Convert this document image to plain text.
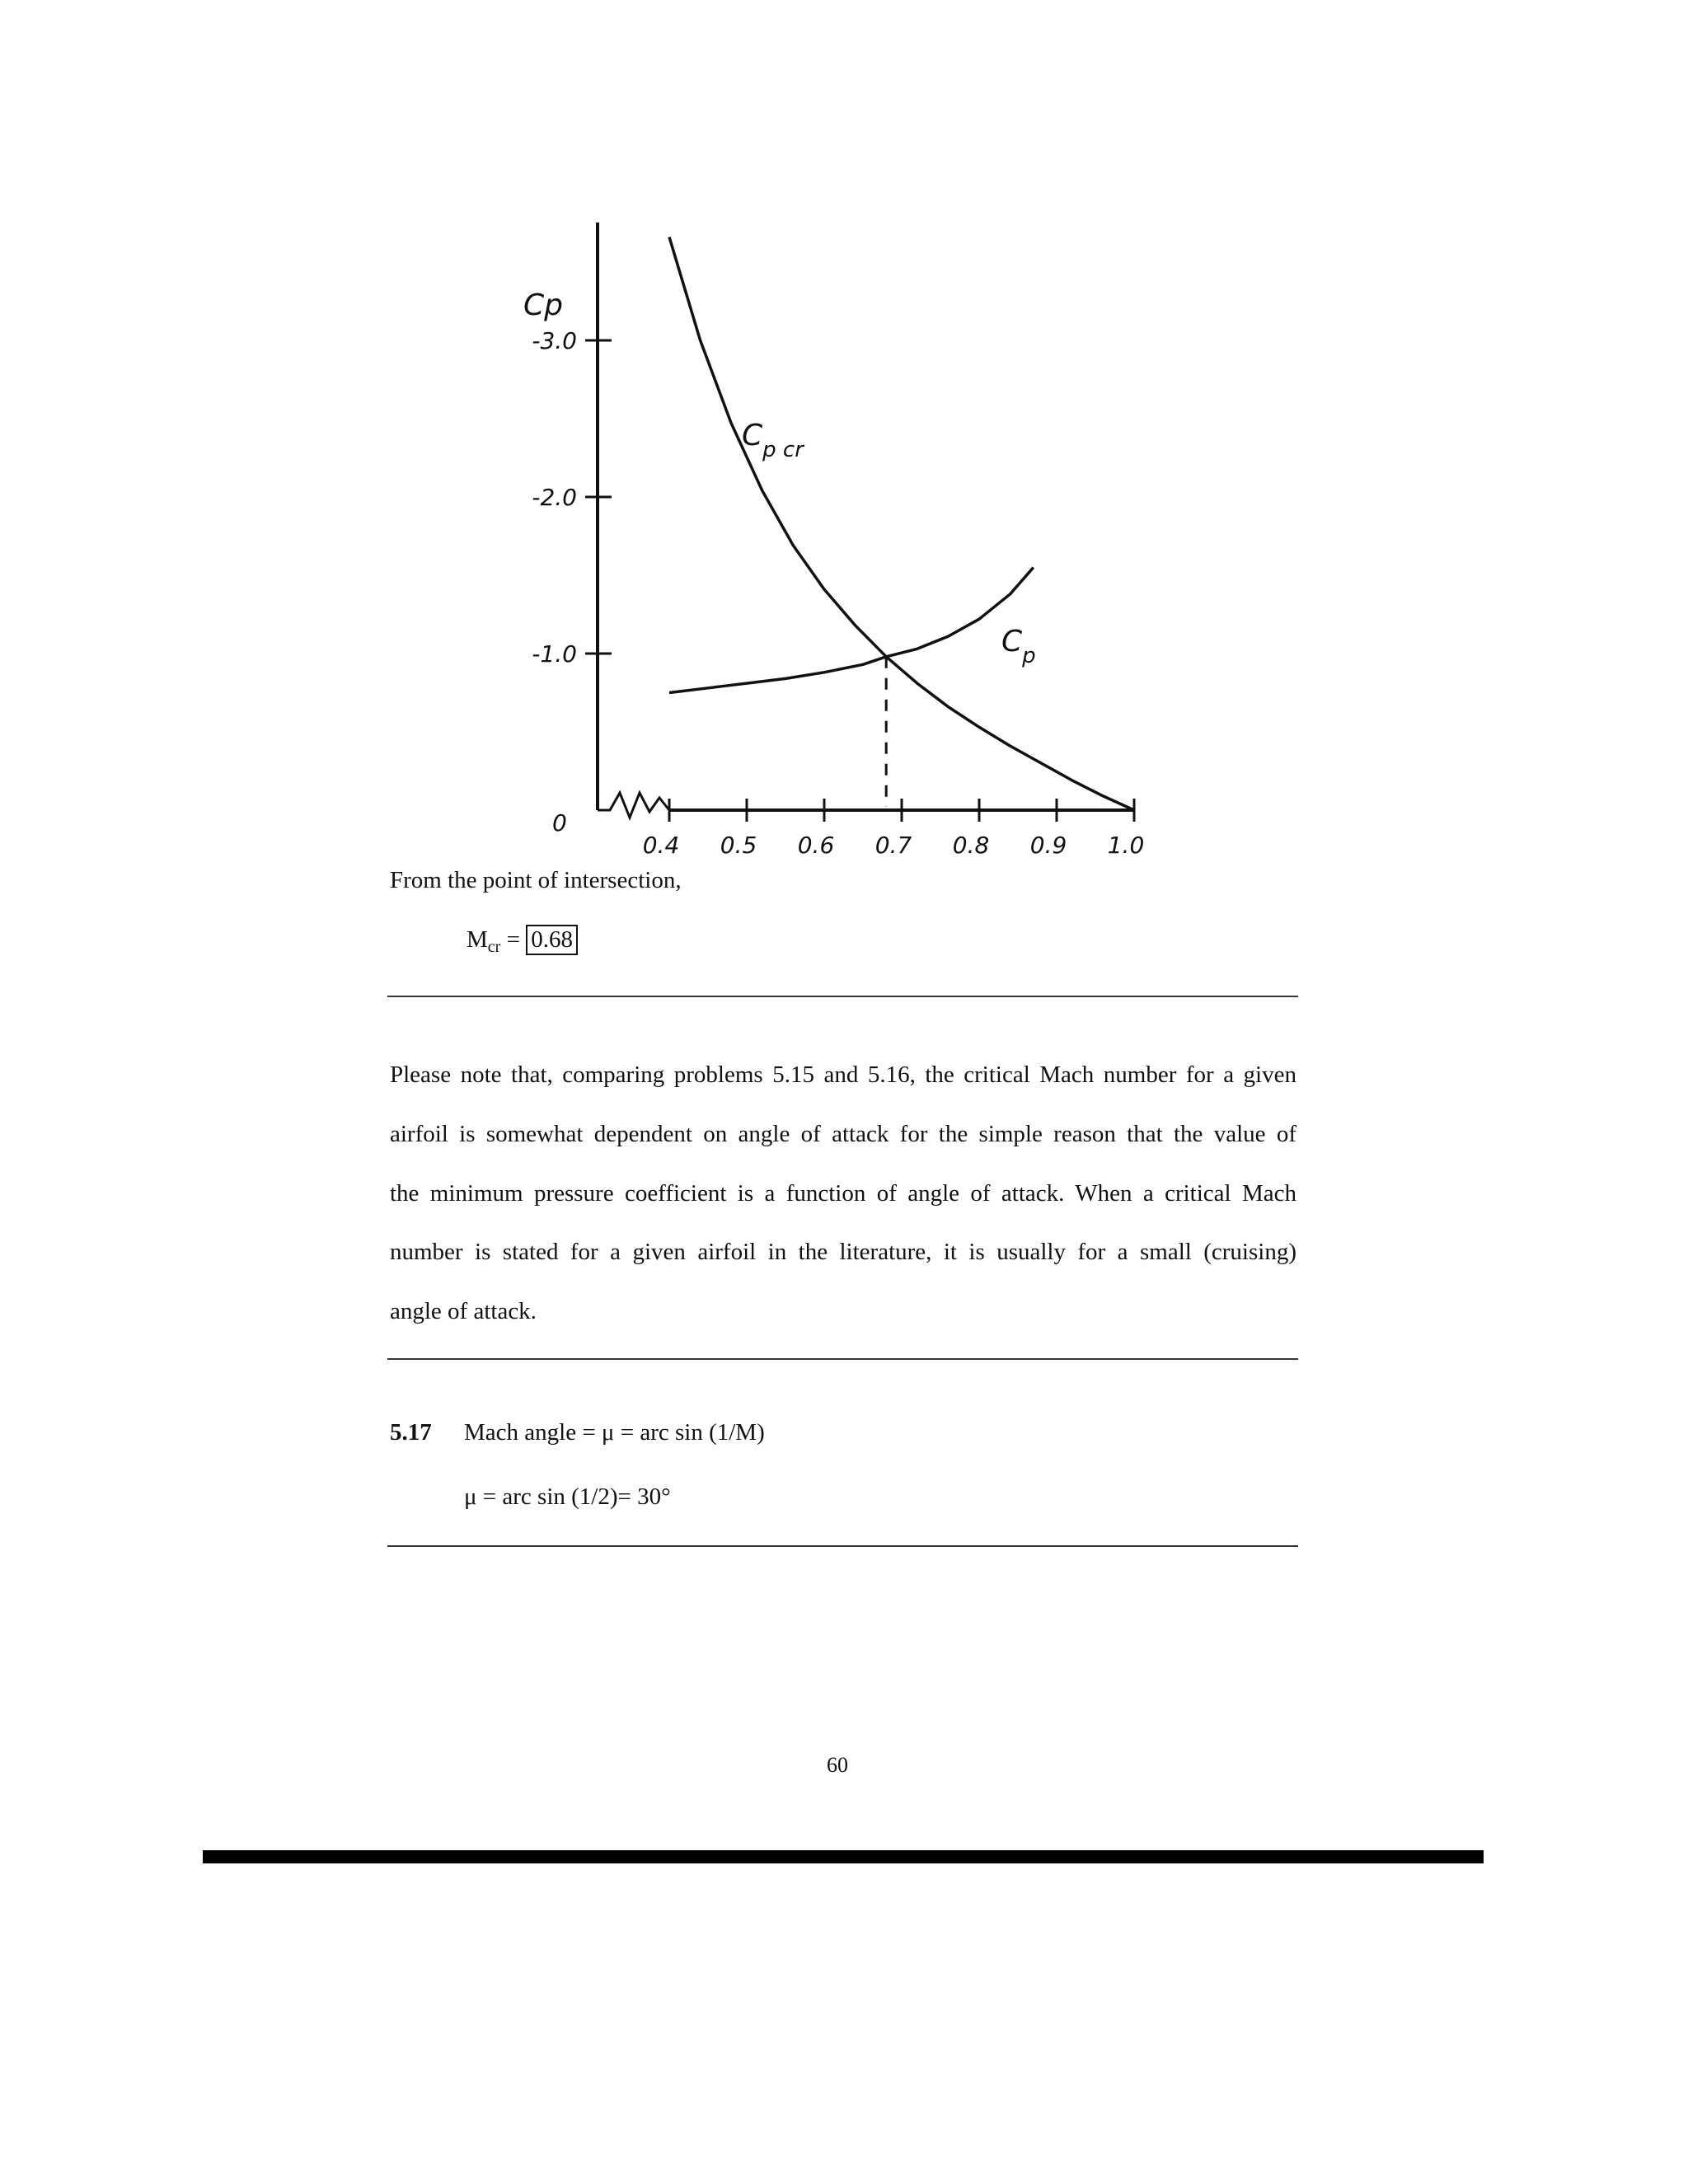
-3.0
-2.0
-1.0
0.4 0.5 0.6 0.7 0.8 0.9 1.0
Cp
0
$C_{p cr}$
$C_p$
From the point of intersection,
$M_{cr} = 0.68$
Please note that, comparing problems 5.15 and 5.16, the critical Mach number for a given
airfoil is somewhat dependent on angle of attack for the simple reason that the value of
the minimum pressure coefficient is a function of angle of attack. When a critical Mach
number is stated for a given airfoil in the literature, it is usually for a small (cruising)
angle of attack.
5.17 Mach angle = μ = arc sin (1/M)
μ = arc sin (1/2)= 30°
60
